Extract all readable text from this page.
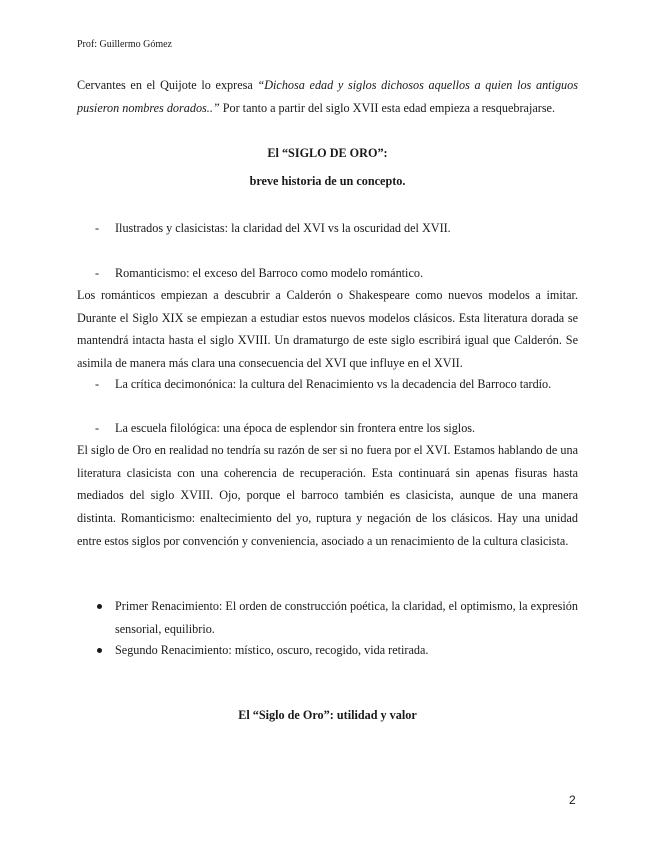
Prof: Guillermo Gómez

Cervantes en el Quijote lo expresa “Dichosa edad y siglos dichosos aquellos a quien los antiguos pusieron nombres dorados..” Por tanto a partir del siglo XVII esta edad empieza a resquebrajarse.

El “SIGLO DE ORO”:

breve historia de un concepto.

-	Ilustrados y clasicistas: la claridad del XVI vs la oscuridad del XVII.
-	Romanticismo: el exceso del Barroco como modelo romántico.

Los románticos empiezan a descubrir a Calderón o Shakespeare como nuevos modelos a imitar. Durante el Siglo XIX se empiezan a estudiar estos nuevos modelos clásicos. Esta literatura dorada se mantendrá intacta hasta el siglo XVIII. Un dramaturgo de este siglo escribirá igual que Calderón. Se asimila de manera más clara una consecuencia del XVI que influye en el XVII.

-	La crítica decimonónica: la cultura del Renacimiento vs la decadencia del Barroco tardío.
-	La escuela filológica: una época de esplendor sin frontera entre los siglos.

El siglo de Oro en realidad no tendría su razón de ser si no fuera por el XVI. Estamos hablando de una literatura clasicista con una coherencia de recuperación. Esta continuará sin apenas fisuras hasta mediados del siglo XVIII. Ojo, porque el barroco también es clasicista, aunque de una manera distinta. Romanticismo: enaltecimiento del yo, ruptura y negación de los clásicos. Hay una unidad entre estos siglos por convención y conveniencia, asociado a un renacimiento de la cultura clasicista.

Primer Renacimiento: El orden de construcción poética, la claridad, el optimismo, la expresión sensorial, equilibrio.
Segundo Renacimiento: místico, oscuro, recogido, vida retirada.

El “Siglo de Oro”: utilidad y valor

2
